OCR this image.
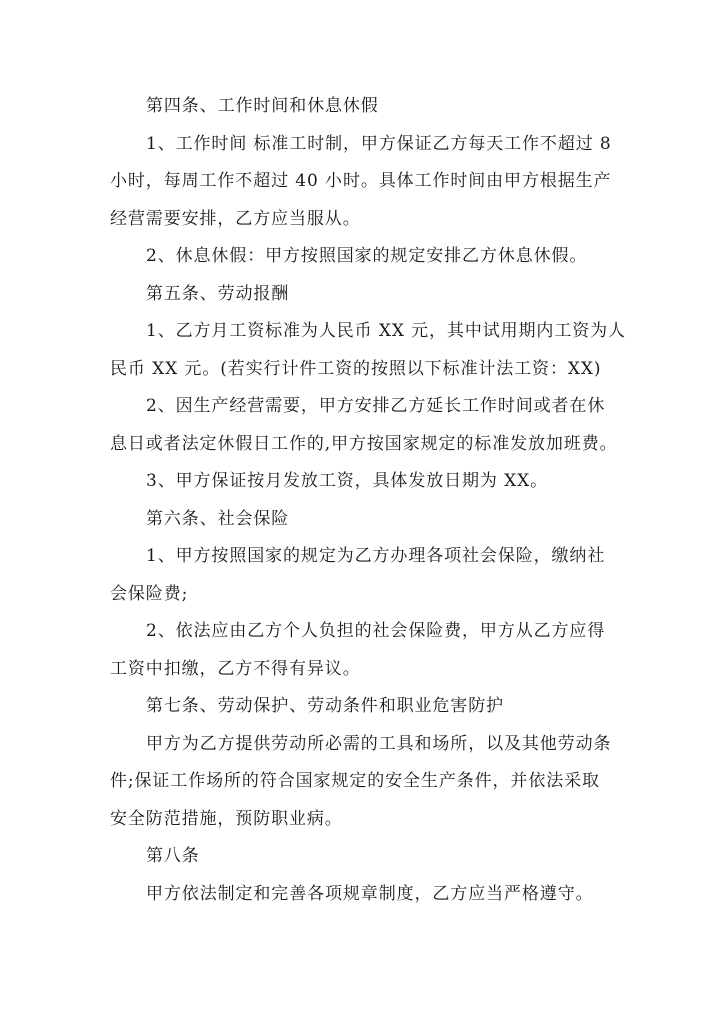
第四条、工作时间和休息休假

1、工作时间 标准工时制，甲方保证乙方每天工作不超过 8
小时，每周工作不超过 40 小时。具体工作时间由甲方根据生产
经营需要安排，乙方应当服从。

2、休息休假：甲方按照国家的规定安排乙方休息休假。

第五条、劳动报酬

1、乙方月工资标准为人民币 XX 元，其中试用期内工资为人
民币 XX 元。(若实行计件工资的按照以下标准计法工资：XX)

2、因生产经营需要，甲方安排乙方延长工作时间或者在休
息日或者法定休假日工作的,甲方按国家规定的标准发放加班费。

3、甲方保证按月发放工资，具体发放日期为 XX。

第六条、社会保险

1、甲方按照国家的规定为乙方办理各项社会保险，缴纳社
会保险费;

2、依法应由乙方个人负担的社会保险费，甲方从乙方应得
工资中扣缴，乙方不得有异议。

第七条、劳动保护、劳动条件和职业危害防护

甲方为乙方提供劳动所必需的工具和场所，以及其他劳动条
件;保证工作场所的符合国家规定的安全生产条件，并依法采取
安全防范措施，预防职业病。

第八条

甲方依法制定和完善各项规章制度，乙方应当严格遵守。
